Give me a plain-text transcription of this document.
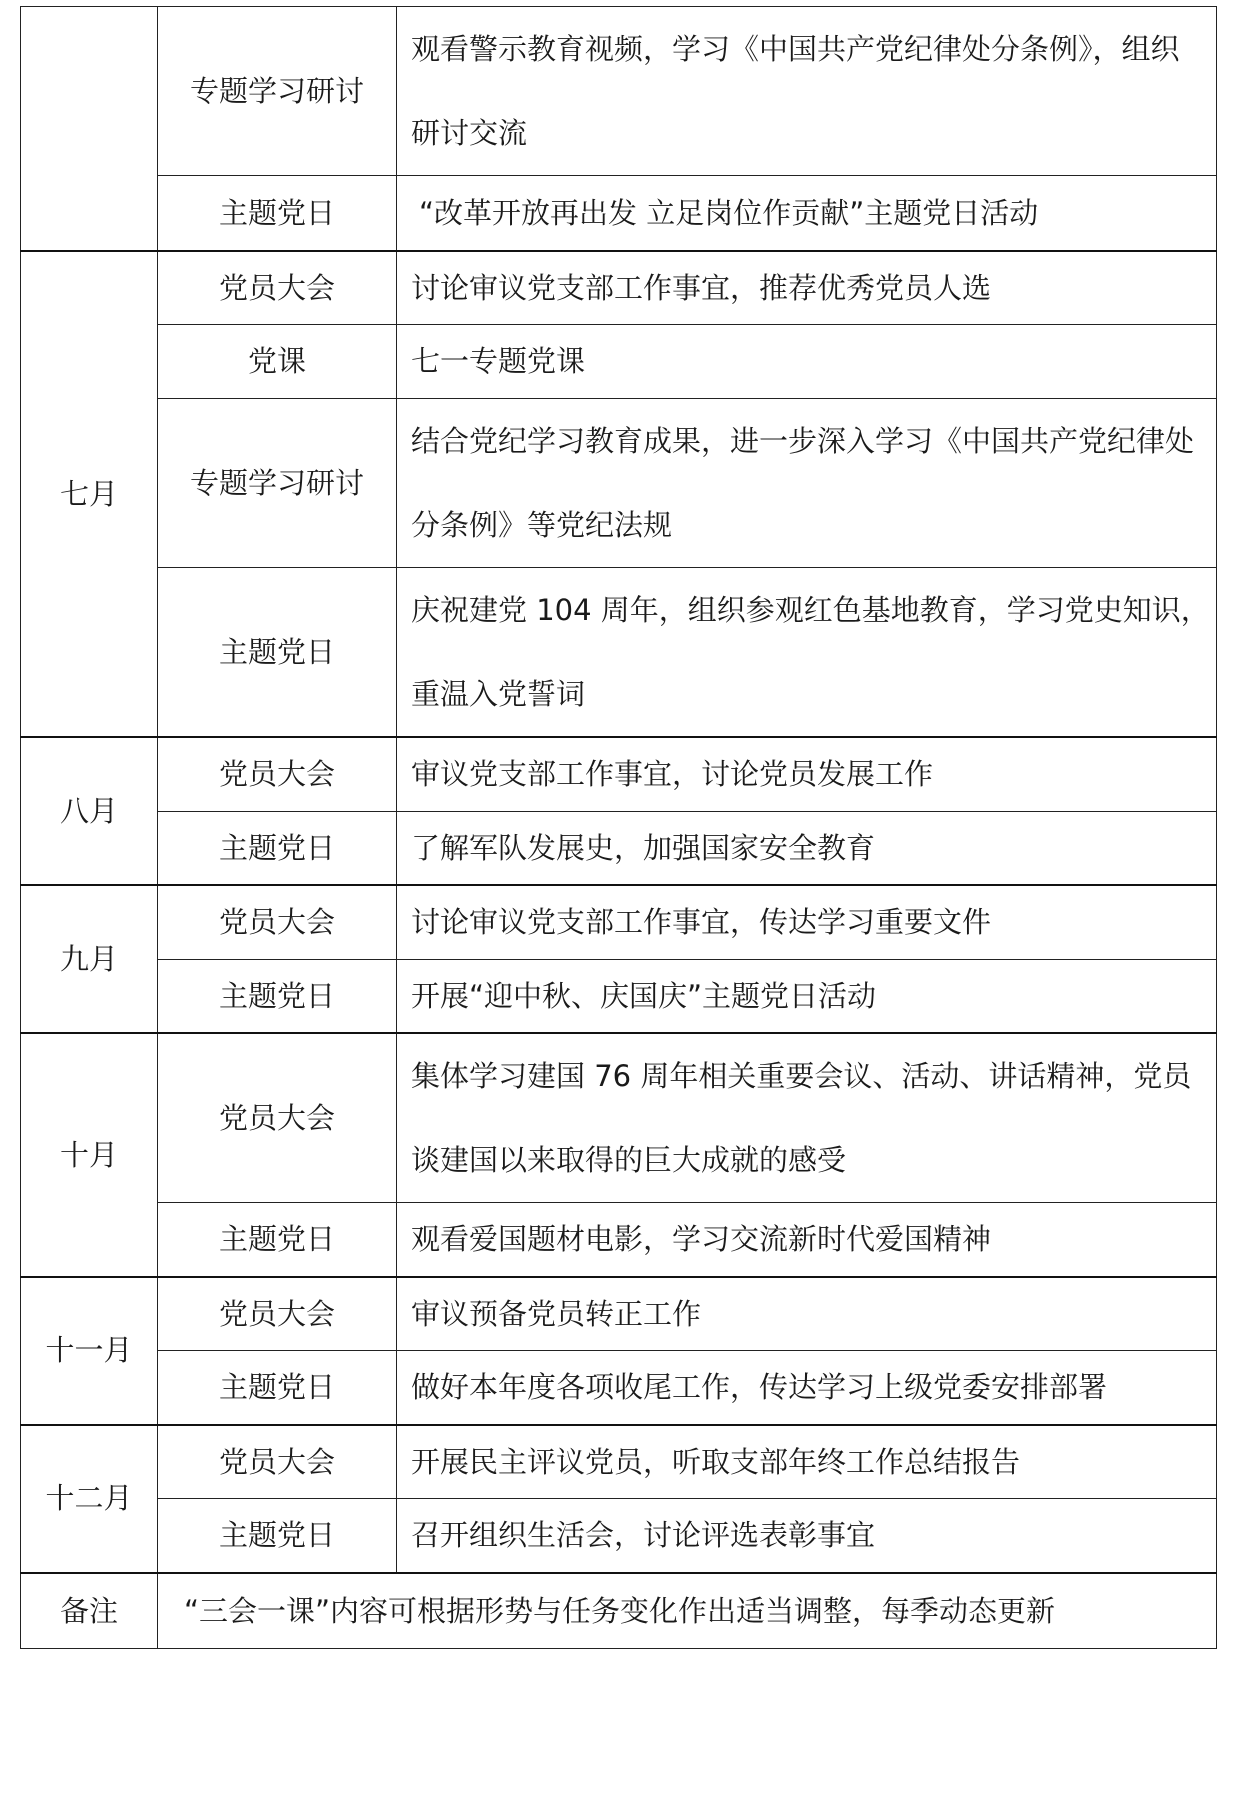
	专题学习研讨	观看警示教育视频，学习《中国共产党纪律处分条例》，组织
研讨交流

	主题党日	“改革开放再出发 立足岗位作贡献”主题党日活动
七月	党员大会	讨论审议党支部工作事宜，推荐优秀党员人选
	党课	七一专题党课
	专题学习研讨	结合党纪学习教育成果，进一步深入学习《中国共产党纪律处
分条例》等党纪法规

	主题党日	庆祝建党 104 周年，组织参观红色基地教育，学习党史知识，
重温入党誓词

八月	党员大会	审议党支部工作事宜，讨论党员发展工作
	主题党日	了解军队发展史，加强国家安全教育
九月	党员大会	讨论审议党支部工作事宜，传达学习重要文件
	主题党日	开展“迎中秋、庆国庆”主题党日活动
十月	党员大会	集体学习建国 76 周年相关重要会议、活动、讲话精神，党员
谈建国以来取得的巨大成就的感受

	主题党日	观看爱国题材电影，学习交流新时代爱国精神
十一月	党员大会	审议预备党员转正工作
	主题党日	做好本年度各项收尾工作，传达学习上级党委安排部署
十二月	党员大会	开展民主评议党员，听取支部年终工作总结报告
	主题党日	召开组织生活会，讨论评选表彰事宜
备注	“三会一课”内容可根据形势与任务变化作出适当调整，每季动态更新	
